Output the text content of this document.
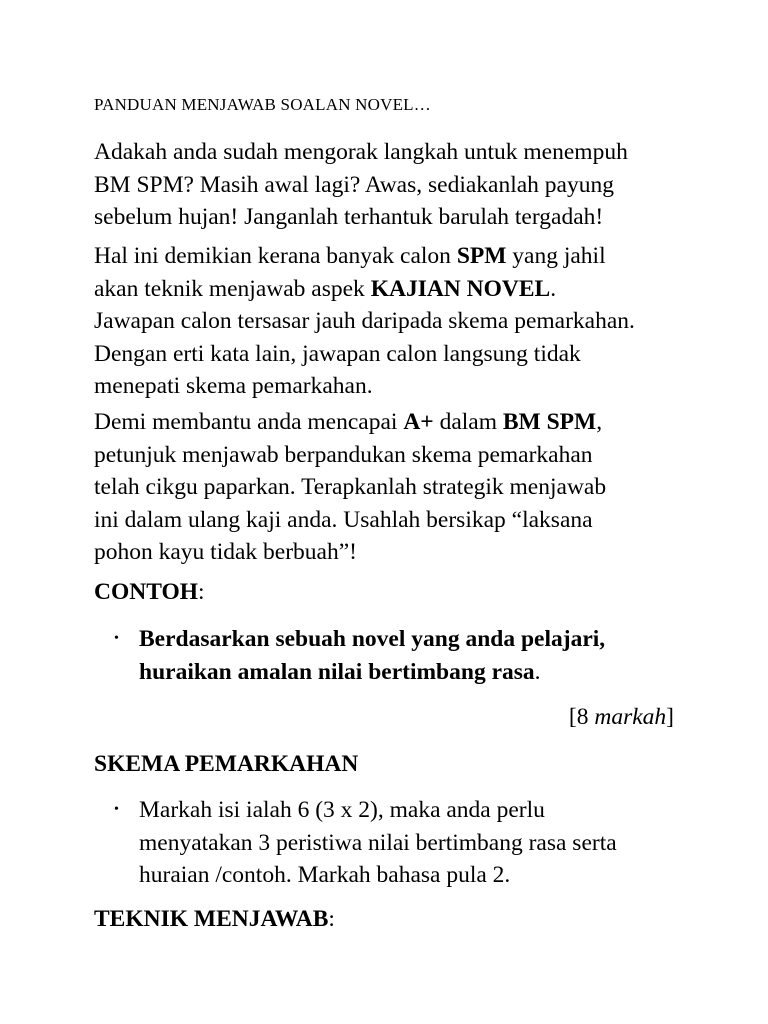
PANDUAN MENJAWAB SOALAN NOVEL…
Adakah anda sudah mengorak langkah untuk menempuh
BM SPM? Masih awal lagi? Awas, sediakanlah payung
sebelum hujan! Janganlah terhantuk barulah tergadah!
Hal ini demikian kerana banyak calon SPM yang jahil
akan teknik menjawab aspek KAJIAN NOVEL.
Jawapan calon tersasar jauh daripada skema pemarkahan.
Dengan erti kata lain, jawapan calon langsung tidak
menepati skema pemarkahan.
Demi membantu anda mencapai A+ dalam BM SPM,
petunjuk menjawab berpandukan skema pemarkahan
telah cikgu paparkan. Terapkanlah strategik menjawab
ini dalam ulang kaji anda. Usahlah bersikap “laksana
pohon kayu tidak berbuah”!
CONTOH:
• Berdasarkan sebuah novel yang anda pelajari,
huraikan amalan nilai bertimbang rasa.
[8 markah]
SKEMA PEMARKAHAN
• Markah isi ialah 6 (3 x 2), maka anda perlu
menyatakan 3 peristiwa nilai bertimbang rasa serta
huraian /contoh. Markah bahasa pula 2.
TEKNIK MENJAWAB:
